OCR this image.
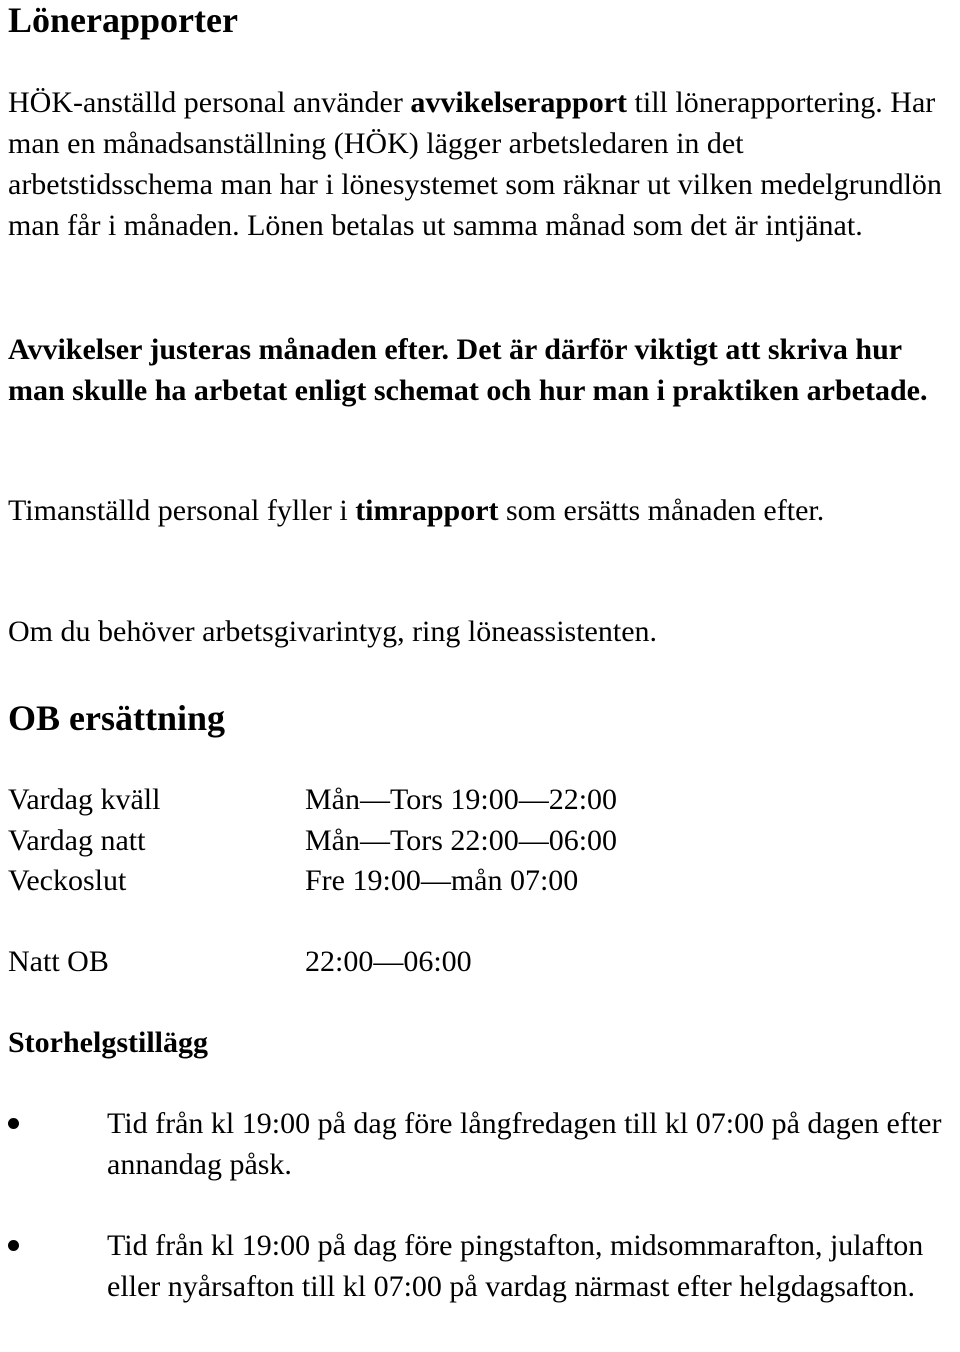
Lönerapporter

HÖK-anställd personal använder avvikelserapport till lönerapportering. Har man en månadsanställning (HÖK) lägger arbetsledaren in det arbetstidsschema man har i lönesystemet som räknar ut vilken medelgrundlön man får i månaden. Lönen betalas ut samma månad som det är intjänat.

Avvikelser justeras månaden efter. Det är därför viktigt att skriva hur man skulle ha arbetat enligt schemat och hur man i praktiken arbetade.

Timanställd personal fyller i timrapport som ersätts månaden efter.

Om du behöver arbetsgivarintyg, ring löneassistenten.

OB ersättning
Vardag kväll	Mån—Tors 19:00—22:00
Vardag natt	Mån—Tors 22:00—06:00
Veckoslut	Fre 19:00—mån 07:00
Natt OB	22:00—06:00
Storhelgstillägg
Tid från kl 19:00 på dag före långfredagen till kl 07:00 på dagen efter annandag påsk.
Tid från kl 19:00 på dag före pingstafton, midsommarafton, julafton eller nyårsafton till kl 07:00 på vardag närmast efter helgdagsafton.
